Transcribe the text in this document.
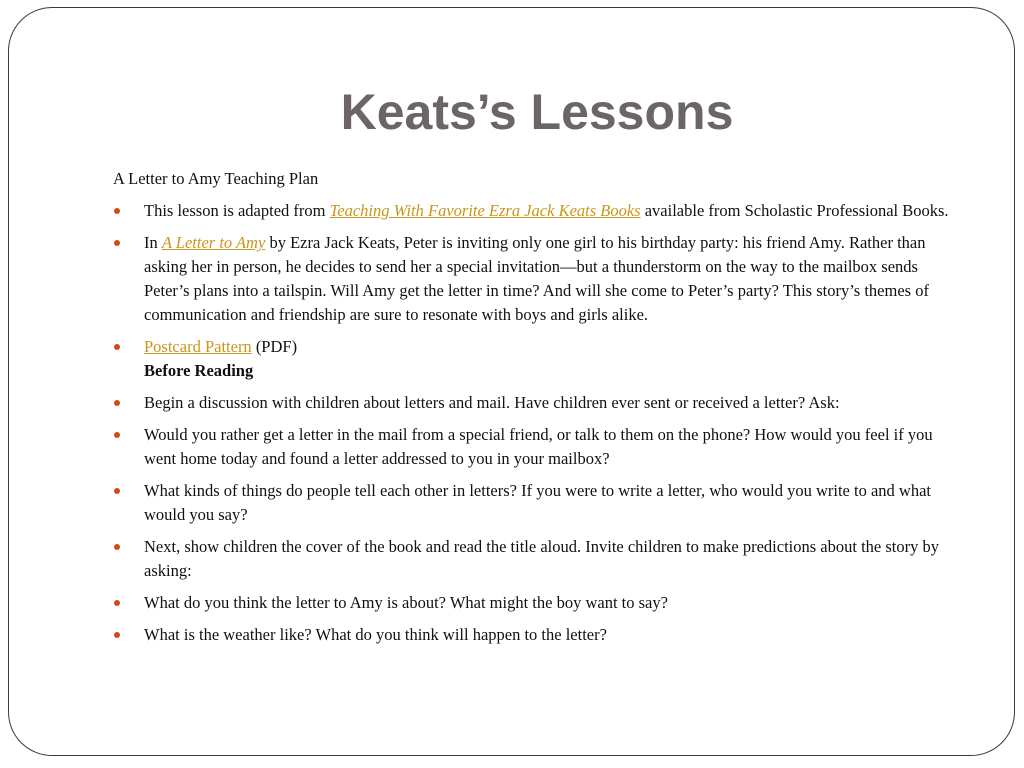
Keats’s Lessons

A Letter to Amy Teaching Plan

This lesson is adapted from Teaching With Favorite Ezra Jack Keats Books available from Scholastic Professional Books.
In A Letter to Amy by Ezra Jack Keats, Peter is inviting only one girl to his birthday party: his friend Amy. Rather than asking her in person, he decides to send her a special invitation—but a thunderstorm on the way to the mailbox sends Peter’s plans into a tailspin. Will Amy get the letter in time? And will she come to Peter’s party? This story’s themes of communication and friendship are sure to resonate with boys and girls alike.
Postcard Pattern (PDF)
Before Reading
Begin a discussion with children about letters and mail. Have children ever sent or received a letter? Ask:
Would you rather get a letter in the mail from a special friend, or talk to them on the phone? How would you feel if you went home today and found a letter addressed to you in your mailbox?
What kinds of things do people tell each other in letters? If you were to write a letter, who would you write to and what would you say?
Next, show children the cover of the book and read the title aloud. Invite children to make predictions about the story by asking:
What do you think the letter to Amy is about? What might the boy want to say?
What is the weather like? What do you think will happen to the letter?
